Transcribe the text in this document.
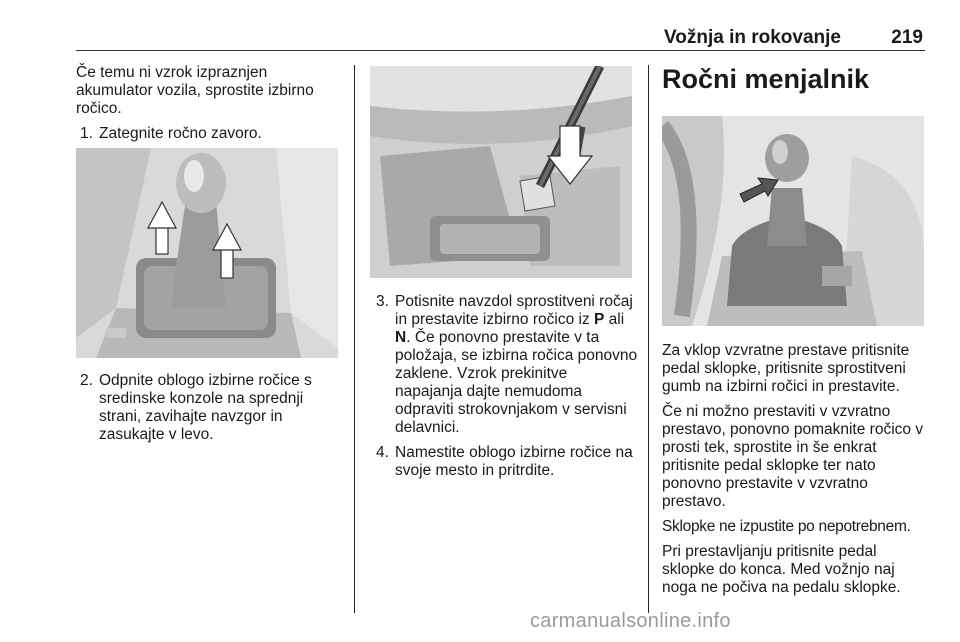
Vožnja in rokovanje	219

Če temu ni vzrok izpraznjen akumulator vozila, sprostite izbirno ročico.

1. Zategnite ročno zavoro.
2. Odpnite oblogo izbirne ročice s sredinske konzole na sprednji strani, zavihajte navzgor in zasukajte v levo.
3. Potisnite navzdol sprostitveni ročaj in prestavite izbirno ročico iz P ali N. Če ponovno prestavite v ta položaja, se izbirna ročica ponovno zaklene. Vzrok prekinitve napajanja dajte nemudoma odpraviti strokovnjakom v servisni delavnici.
4. Namestite oblogo izbirne ročice na svoje mesto in pritrdite.
Ročni menjalnik

Za vklop vzvratne prestave pritisnite pedal sklopke, pritisnite sprostitveni gumb na izbirni ročici in prestavite.

Če ni možno prestaviti v vzvratno prestavo, ponovno pomaknite ročico v prosti tek, sprostite in še enkrat pritisnite pedal sklopke ter nato ponovno prestavite v vzvratno prestavo.

Sklopke ne izpustite po nepotrebnem.

Pri prestavljanju pritisnite pedal sklopke do konca. Med vožnjo naj noga ne počiva na pedalu sklopke.

carmanualsonline.info
